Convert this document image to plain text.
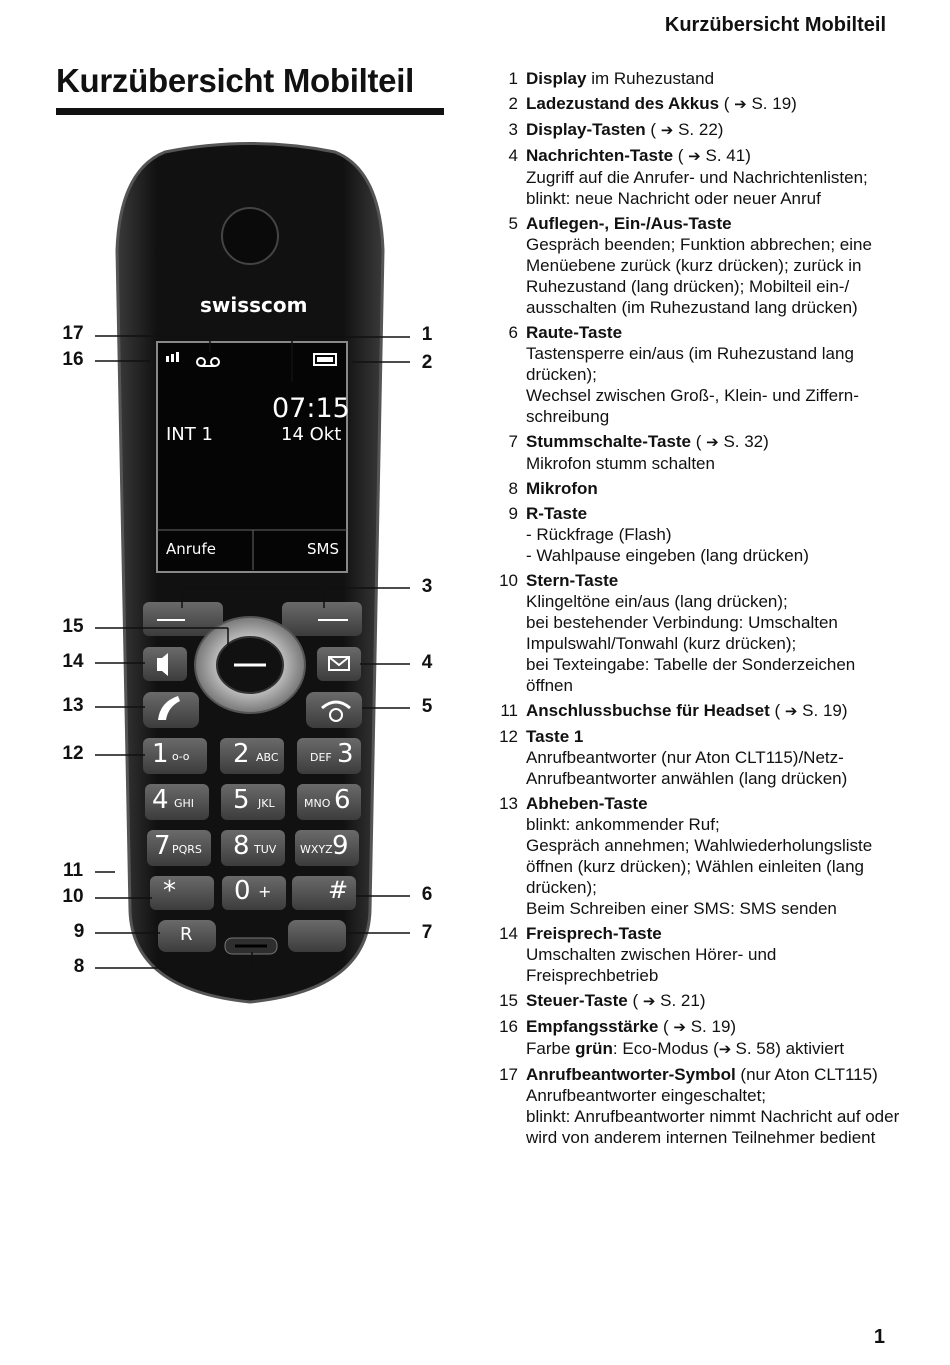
Kurzübersicht Mobilteil
Kurzübersicht Mobilteil
swisscom
07:15
INT 1	14 Okt
Anrufe	SMS
1 ο-ο 2 ABC 3
DEF
4 GHI 5 JKL 6
MNO
7 PQRS 8 TUV 9
WXYZ
* 0 + #
R
17
16
1
2
3
15
14	4
13	5
12
11
10	6
9	7
8
1 Display im Ruhezustand
2 Ladezustand des Akkus ( ➔ S. 19)
3 Display-Tasten ( ➔ S. 22)
4 Nachrichten-Taste ( ➔ S. 41)
Zugriff auf die Anrufer- und Nachrichtenlisten;
blinkt: neue Nachricht oder neuer Anruf
5 Auflegen-, Ein-/Aus-Taste
Gespräch beenden; Funktion abbrechen; eine Menüebene zurück (kurz drücken); zurück in Ruhezustand (lang drücken); Mobilteil ein-/ ausschalten (im Ruhezustand lang drücken)
6 Raute-Taste
Tastensperre ein/aus (im Ruhezustand lang drücken);
Wechsel zwischen Groß-, Klein- und Ziffern- schreibung
7 Stummschalte-Taste ( ➔ S. 32)
Mikrofon stumm schalten
8 Mikrofon
9 R-Taste
- Rückfrage (Flash)
- Wahlpause eingeben (lang drücken)
10 Stern-Taste
Klingeltöne ein/aus (lang drücken);
bei bestehender Verbindung: Umschalten Impulswahl/Tonwahl (kurz drücken);
bei Texteingabe: Tabelle der Sonderzeichen öffnen
11 Anschlussbuchse für Headset ( ➔ S. 19)
12 Taste 1
Anrufbeantworter (nur Aton CLT115)/Netz- Anrufbeantworter anwählen (lang drücken)
13 Abheben-Taste
blinkt: ankommender Ruf;
Gespräch annehmen; Wahlwiederholungsliste öffnen (kurz drücken); Wählen einleiten (lang drücken);
Beim Schreiben einer SMS: SMS senden
14 Freisprech-Taste
Umschalten zwischen Hörer- und Freisprechbetrieb
15 Steuer-Taste ( ➔ S. 21)
16 Empfangsstärke ( ➔ S. 19)
Farbe grün: Eco-Modus (➔ S. 58) aktiviert
17 Anrufbeantworter-Symbol (nur Aton CLT115)
Anrufbeantworter eingeschaltet;
blinkt: Anrufbeantworter nimmt Nachricht auf oder wird von anderem internen Teilnehmer bedient
1
